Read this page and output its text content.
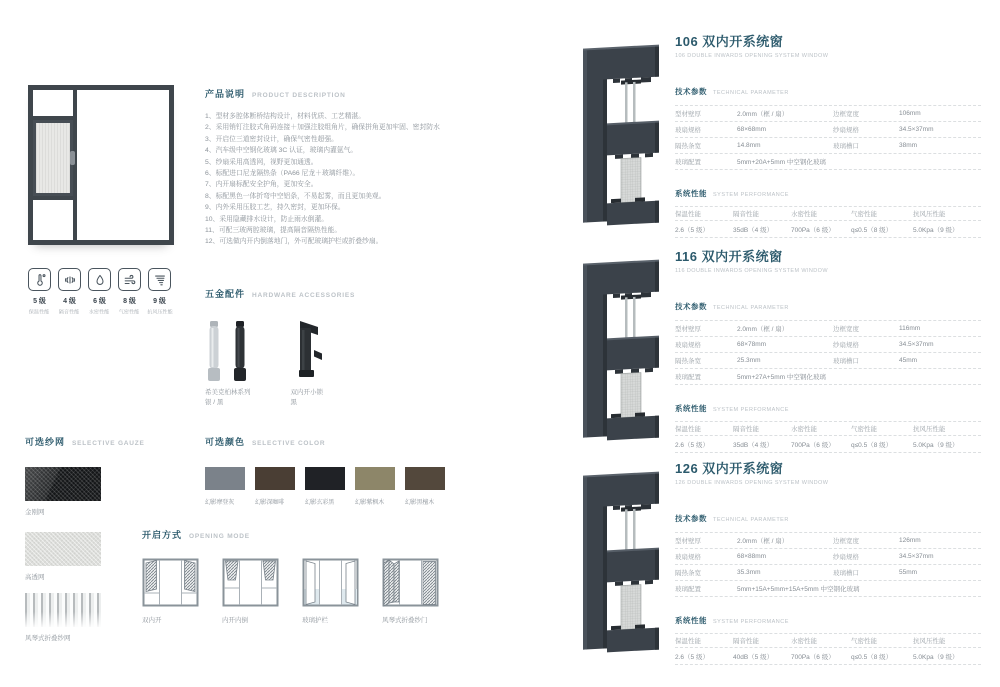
5 级
保温性能
4 级
隔音性能
6 级
水密性能
8 级
气密性能
9 级
抗风压性能
产品说明 PRODUCT DESCRIPTION
1、型材多腔体断桥结构设计，材料优质、工艺精湛。
2、采用销钉注胶式角码连接＋加强注胶组角片，确保拼角更加牢固、密封防水
3、开启位三道密封设计，确保气密性超强。
4、汽车级中空钢化玻璃 3C 认证，玻璃内灌氩气。
5、纱扇采用高透网，视野更加通透。
6、标配进口尼龙隔热条（PA66 尼龙＋玻璃纤维）。
7、内开扇标配安全护角，更加安全。
8、标配黑色一体折弯中空铝条，不易起雾，而且更加美观。
9、内外采用压胶工艺，持久密封，更加环保。
10、采用隐藏排水设计，防止雨水倒灌。
11、可配三玻两腔玻璃，提高隔音隔热性能。
12、可选做内开内倒落地门，外可配玻璃护栏或折叠纱扇。
五金配件 HARDWARE ACCESSORIES
希美克柏林系列
银 / 黑
双内开小锁
黑
可选纱网 SELECTIVE GAUZE
金刚网
高透网
风琴式折叠纱网
可选颜色 SELECTIVE COLOR
幻影摩登灰	幻影深咖啡	幻影玄彩黑	幻影紫枫木	幻影黑檀木
开启方式 OPENING MODE
双内开	内开内倒	玻璃护栏	风琴式折叠纱门
106 双内开系统窗
106 DOUBLE INWARDS OPENING SYSTEM WINDOW
技术参数 TECHNICAL PARAMETER
型材壁厚	2.0mm（框 / 扇）	边框宽度	106mm
玻扇规格	68×68mm	纱扇规格	34.5×37mm
隔热条宽	14.8mm	玻璃槽口	38mm
玻璃配置	5mm+20A+5mm 中空钢化玻璃
系统性能 SYSTEM PERFORMANCE
保温性能	隔音性能	水密性能	气密性能	抗风压性能
2.6（5 级）	35dB（4 级）	700Pa（6 级）	q≤0.5（8 级）	5.0Kpa（9 级）
116 双内开系统窗
116 DOUBLE INWARDS OPENING SYSTEM WINDOW
技术参数 TECHNICAL PARAMETER
型材壁厚	2.0mm（框 / 扇）	边框宽度	116mm
玻扇规格	68×78mm	纱扇规格	34.5×37mm
隔热条宽	25.3mm	玻璃槽口	45mm
玻璃配置	5mm+27A+5mm 中空钢化玻璃
系统性能 SYSTEM PERFORMANCE
保温性能	隔音性能	水密性能	气密性能	抗风压性能
2.6（5 级）	35dB（4 级）	700Pa（6 级）	q≤0.5（8 级）	5.0Kpa（9 级）
126 双内开系统窗
126 DOUBLE INWARDS OPENING SYSTEM WINDOW
技术参数 TECHNICAL PARAMETER
型材壁厚	2.0mm（框 / 扇）	边框宽度	126mm
玻扇规格	68×88mm	纱扇规格	34.5×37mm
隔热条宽	35.3mm	玻璃槽口	55mm
玻璃配置	5mm+15A+5mm+15A+5mm 中空钢化玻璃
系统性能 SYSTEM PERFORMANCE
保温性能	隔音性能	水密性能	气密性能	抗风压性能
2.6（5 级）	40dB（5 级）	700Pa（6 级）	q≤0.5（8 级）	5.0Kpa（9 级）
